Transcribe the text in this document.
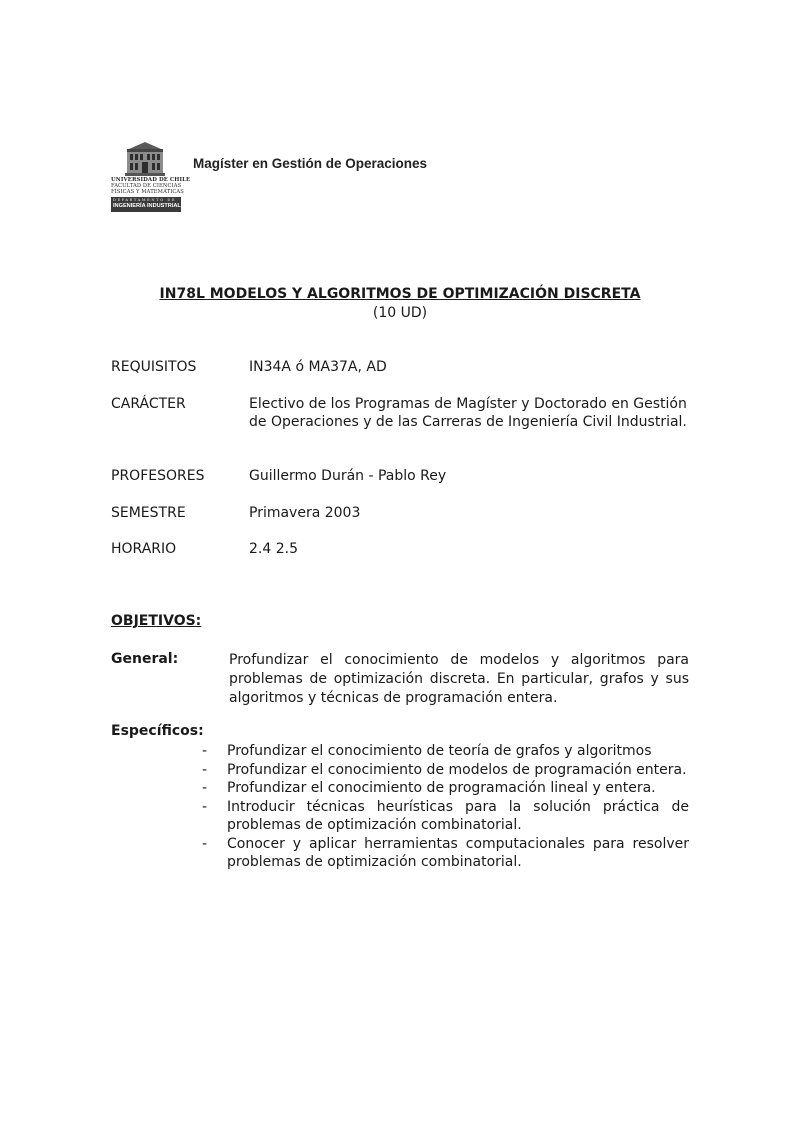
UNIVERSIDAD DE CHILE
FACULTAD DE CIENCIAS
FÍSICAS Y MATEMÁTICAS
DEPARTAMENTO DE
INGENIERÍA INDUSTRIAL
Magíster en Gestión de Operaciones
IN78L MODELOS Y ALGORITMOS DE OPTIMIZACIÓN DISCRETA
(10 UD)
REQUISITOS	IN34A ó MA37A, AD
CARÁCTER	Electivo de los Programas de Magíster y Doctorado en Gestión de Operaciones y de las Carreras de Ingeniería Civil Industrial.
PROFESORES	Guillermo Durán - Pablo Rey
SEMESTRE	Primavera 2003
HORARIO	2.4 2.5
OBJETIVOS:
General:	Profundizar el conocimiento de modelos y algoritmos para problemas de optimización discreta. En particular, grafos y sus algoritmos y técnicas de programación entera.
Específicos:
- Profundizar el conocimiento de teoría de grafos y algoritmos
- Profundizar el conocimiento de modelos de programación entera.
- Profundizar el conocimiento de programación lineal y entera.
- Introducir técnicas heurísticas para la solución práctica de problemas de optimización combinatorial.
- Conocer y aplicar herramientas computacionales para resolver problemas de optimización combinatorial.
